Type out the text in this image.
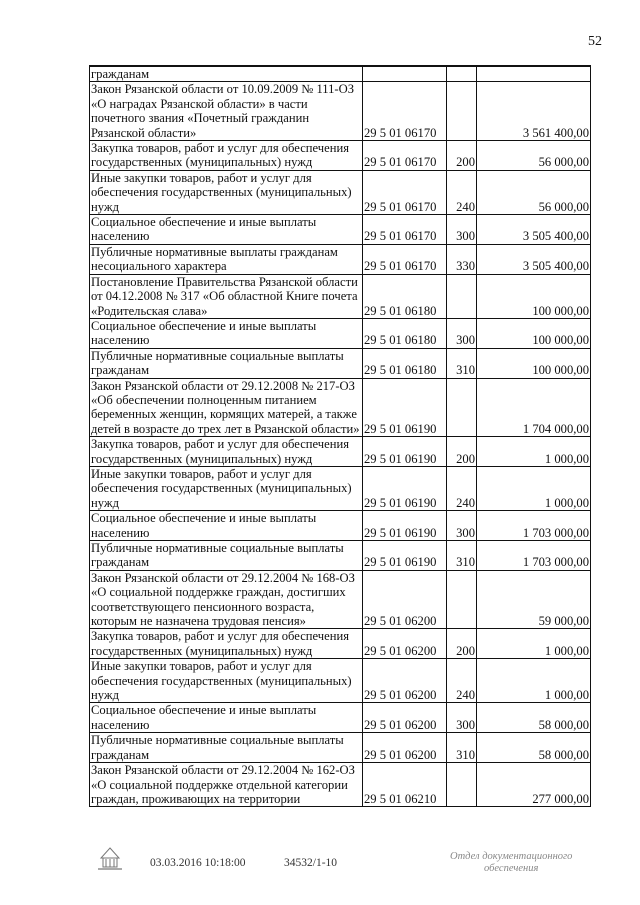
52
гражданам			
Закон Рязанской области от 10.09.2009 № 111-ОЗ «О наградах Рязанской области» в части почетного звания «Почетный гражданин Рязанской области»	29 5 01 06170		3 561 400,00
Закупка товаров, работ и услуг для обеспечения государственных (муниципальных) нужд	29 5 01 06170	200	56 000,00
Иные закупки товаров, работ и услуг для обеспечения государственных (муниципальных) нужд	29 5 01 06170	240	56 000,00
Социальное обеспечение и иные выплаты населению	29 5 01 06170	300	3 505 400,00
Публичные нормативные выплаты гражданам несоциального характера	29 5 01 06170	330	3 505 400,00
Постановление Правительства Рязанской области от 04.12.2008 № 317 «Об областной Книге почета «Родительская слава»	29 5 01 06180		100 000,00
Социальное обеспечение и иные выплаты населению	29 5 01 06180	300	100 000,00
Публичные нормативные социальные выплаты гражданам	29 5 01 06180	310	100 000,00
Закон Рязанской области от 29.12.2008 № 217-ОЗ «Об обеспечении полноценным питанием беременных женщин, кормящих матерей, а также детей в возрасте до трех лет в Рязанской области»	29 5 01 06190		1 704 000,00
Закупка товаров, работ и услуг для обеспечения государственных (муниципальных) нужд	29 5 01 06190	200	1 000,00
Иные закупки товаров, работ и услуг для обеспечения государственных (муниципальных) нужд	29 5 01 06190	240	1 000,00
Социальное обеспечение и иные выплаты населению	29 5 01 06190	300	1 703 000,00
Публичные нормативные социальные выплаты гражданам	29 5 01 06190	310	1 703 000,00
Закон Рязанской области от 29.12.2004 № 168-ОЗ «О социальной поддержке граждан, достигших соответствующего пенсионного возраста, которым не назначена трудовая пенсия»	29 5 01 06200		59 000,00
Закупка товаров, работ и услуг для обеспечения государственных (муниципальных) нужд	29 5 01 06200	200	1 000,00
Иные закупки товаров, работ и услуг для обеспечения государственных (муниципальных) нужд	29 5 01 06200	240	1 000,00
Социальное обеспечение и иные выплаты населению	29 5 01 06200	300	58 000,00
Публичные нормативные социальные выплаты гражданам	29 5 01 06200	310	58 000,00
Закон Рязанской области от 29.12.2004 № 162-ОЗ «О социальной поддержке отдельной категории граждан, проживающих на территории	29 5 01 06210		277 000,00
03.03.2016 10:18:00	34532/1-10
Отдел документационного
обеспечения
